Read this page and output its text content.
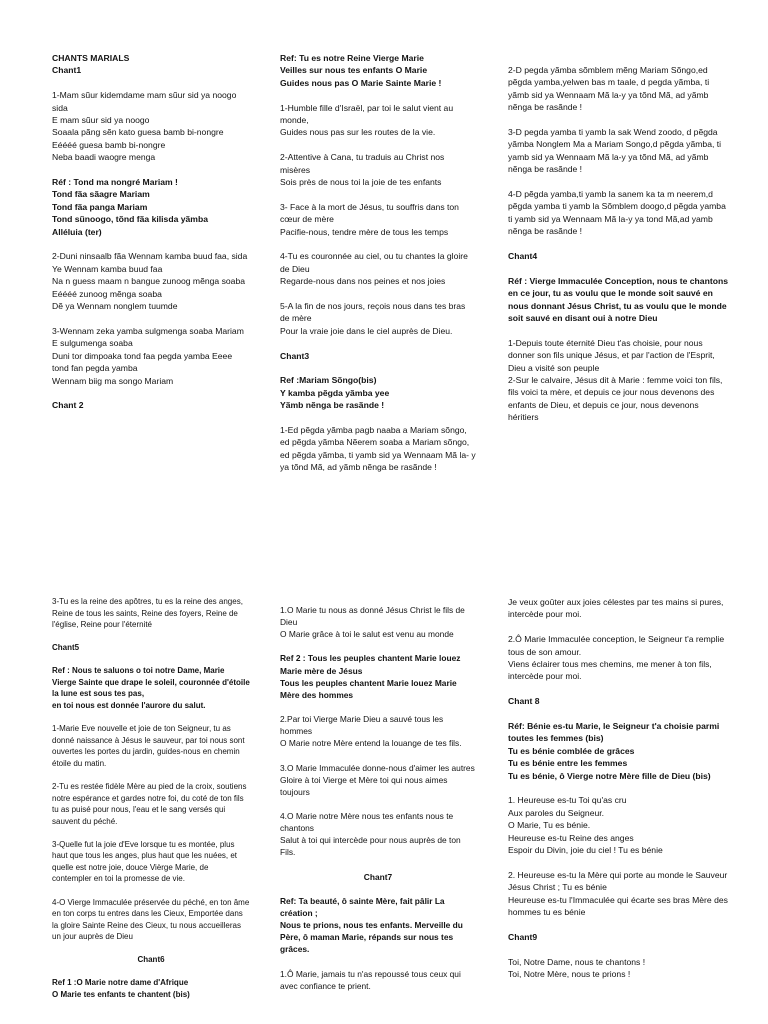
CHANTS MARIALS
Chant1

1-Mam sũur kidemdame mam sũur sid ya noogo sida
E mam sũur sid ya noogo
Soaala pãng sẽn kato guesa bamb bi-nongre
Eéééé guesa bamb bi-nongre
Neba baadi waogre menga

Réf : Tond ma nongré Mariam !
Tond fãa sãagre Mariam
Tond fãa panga Mariam
Tond sũnoogo, tõnd fãa kilisda yãmba
Alléluia (ter)

2-Duni ninsaalb fãa Wennam kamba buud faa, sida
Ye Wennam kamba buud faa
Na n guess maam n bangue zunoog mẽnga soaba
Eéééé zunoog mẽnga soaba
Dẽ ya Wennam nonglem tuumde

3-Wennam zeka yamba sulgmenga soaba Mariam
E sulgumenga soaba
Duni tor dimpoaka tond faa pegda yamba Eeee tond fan pegda yamba
Wennam biig ma songo Mariam

Chant 2

Ref: Tu es notre Reine Vierge Marie
Veilles sur nous tes enfants O Marie
Guides nous pas O Marie Sainte Marie !

1-Humble fille d'Israël, par toi le salut vient au monde,
Guides nous pas sur les routes de la vie.

2-Attentive à Cana, tu traduis au Christ nos misères
Sois près de nous toi la joie de tes enfants

3- Face à la mort de Jésus, tu souffris dans ton cœur de mère
Pacifie-nous, tendre mère de tous les temps

4-Tu es couronnée au ciel, ou tu chantes la gloire de Dieu
Regarde-nous dans nos peines et nos joies

5-A la fin de nos jours, reçois nous dans tes bras de mère
Pour la vraie joie dans le ciel auprès de Dieu.

Chant3

Ref :Mariam Sõngo(bis)
Y kamba pẽgda yãmba yee
Yãmb nẽnga be rasãnde !

1-Ed pẽgda yãmba pagb naaba a Mariam sõngo, ed pẽgda yãmba Nẽerem soaba a Mariam sõngo, ed pẽgda yãmba, ti yamb sid ya Wennaam Mã la- y ya tõnd Mã, ad yãmb nẽnga be rasãnde !

2-D pegda yãmba sõmblem mẽng Mariam Sõngo,ed pẽgda yamba,yelwen bas m taale, d pegda yãmba, ti yãmb sid ya Wennaam Mã la-y ya tõnd Mã, ad yãmb nẽnga be rasãnde !

3-D pegda yamba ti yamb la sak Wend zoodo, d pẽgda yãmba Nonglem Ma a Mariam Songo,d pẽgda yãmba, ti yamb sid ya Wennaam Mã la-y ya tõnd Mã, ad yãmb nẽnga be rasãnde !

4-D pẽgda yamba,ti yamb la sanem ka ta m neerem,d pẽgda yamba ti yamb la Sõmblem doogo,d pẽgda yamba ti yamb sid ya Wennaam Mã la-y ya tond Mã,ad yamb nẽnga be rasãnde !

Chant4

Réf : Vierge Immaculée Conception, nous te chantons en ce jour, tu as voulu que le monde soit sauvé en nous donnant Jésus Christ, tu as voulu que le monde soit sauvé en disant oui à notre Dieu

1-Depuis toute éternité Dieu t'as choisie, pour nous donner son fils unique Jésus, et par l'action de l'Esprit, Dieu a visité son peuple
2-Sur le calvaire, Jésus dit à Marie : femme voici ton fils, fils voici ta mère, et depuis ce jour nous devenons des enfants de Dieu, et depuis ce jour, nous devenons héritiers

3-Tu es la reine des apôtres, tu es la reine des anges, Reine de tous les saints, Reine des foyers, Reine de l'église, Reine pour l'éternité

Chant5

Ref : Nous te saluons o toi notre Dame, Marie Vierge Sainte que drape le soleil, couronnée d'étoile la lune est sous tes pas,
en toi nous est donnée l'aurore du salut.

1-Marie Eve nouvelle et joie de ton Seigneur, tu as donné naissance à Jésus le sauveur, par toi nous sont ouvertes les portes du jardin, guides-nous en chemin étoile du matin.

2-Tu es restée fidèle Mère au pied de la croix, soutiens notre espérance et gardes notre foi, du coté de ton fils tu as puisé pour nous, l'eau et le sang versés qui sauvent du péché.

3-Quelle fut la joie d'Eve lorsque tu es montée, plus haut que tous les anges, plus haut que les nuées, et quelle est notre joie, douce Vièrge Marie, de contempler en toi la promesse de vie.

4-O Vierge Immaculée préservée du péché, en ton âme en ton corps tu entres dans les Cieux, Emportée dans la gloire Sainte Reine des Cieux, tu nous accueilleras un jour auprès de Dieu

Chant6

Ref 1 :O Marie notre dame d'Afrique
O Marie tes enfants te chantent (bis)

1.O Marie tu nous as donné Jésus Christ le fils de Dieu
O Marie grâce à toi le salut est venu au monde

Ref 2 : Tous les peuples chantent Marie louez Marie mère de Jésus
Tous les peuples chantent Marie louez Marie Mère des hommes

2.Par toi Vierge Marie Dieu a sauvé tous les hommes
O Marie notre Mère entend la louange de tes fils.

3.O Marie Immaculée donne-nous d'aimer les autres
Gloire à toi Vierge et Mère toi qui nous aimes toujours

4.O Marie notre Mère nous tes enfants nous te chantons
Salut à toi qui intercède pour nous auprès de ton Fils.

Chant7

Ref: Ta beauté, ô sainte Mère, fait pâlir La création ;
Nous te prions, nous tes enfants. Merveille du Père, ô maman Marie, répands sur nous tes grâces.

1.Ô Marie, jamais tu n'as repoussé tous ceux qui avec confiance te prient.

Je veux goûter aux joies célestes par tes mains si pures, intercède pour moi.

2.Ô Marie Immaculée conception, le Seigneur t'a remplie tous de son amour.
Viens éclairer tous mes chemins, me mener à ton fils, intercède pour moi.

Chant 8

Réf: Bénie es-tu Marie, le Seigneur t'a choisie parmi toutes les femmes (bis)
Tu es bénie comblée de grâces
Tu es bénie entre les femmes
Tu es bénie, ô Vierge notre Mère fille de Dieu (bis)

1. Heureuse es-tu Toi qu'as cru
Aux paroles du Seigneur.
O Marie, Tu es bénie.
Heureuse es-tu Reine des anges
Espoir du Divin, joie du ciel ! Tu es bénie

2. Heureuse es-tu la Mère qui porte au monde le Sauveur
Jésus Christ ; Tu es bénie
Heureuse es-tu l'Immaculée qui écarte ses bras Mère des hommes tu es bénie

Chant9

Toi, Notre Dame, nous te chantons !
Toi, Notre Mère, nous te prions !
